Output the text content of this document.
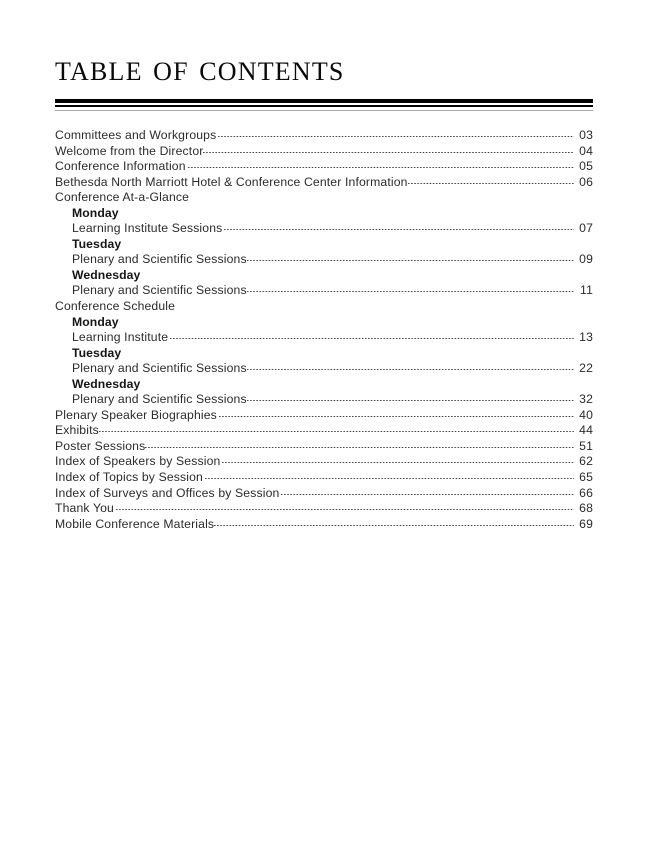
table of contents
Committees and Workgroups	03
Welcome from the Director	04
Conference Information	05
Bethesda North Marriott Hotel & Conference Center Information	06
Conference At-a-Glance
Monday
Learning Institute Sessions	07
Tuesday
Plenary and Scientific Sessions	09
Wednesday
Plenary and Scientific Sessions	11
Conference Schedule
Monday
Learning Institute	13
Tuesday
Plenary and Scientific Sessions	22
Wednesday
Plenary and Scientific Sessions	32
Plenary Speaker Biographies	40
Exhibits	44
Poster Sessions	51
Index of Speakers by Session	62
Index of Topics by Session	65
Index of Surveys and Offices by Session	66
Thank You	68
Mobile Conference Materials	69
